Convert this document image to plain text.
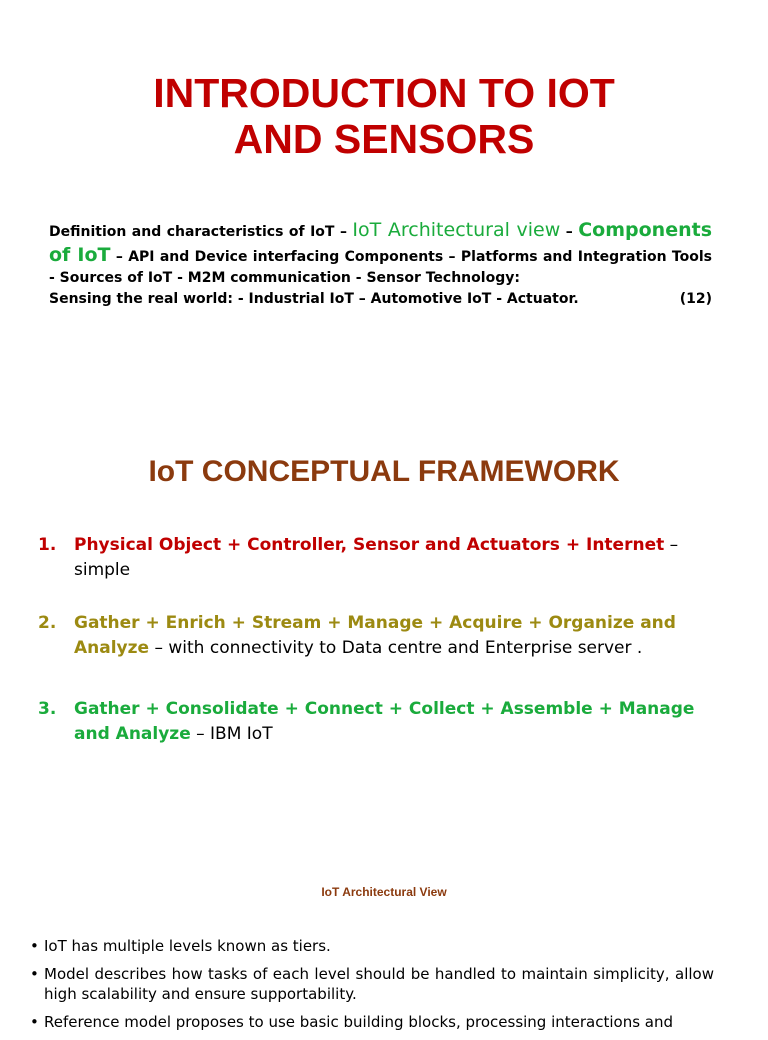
INTRODUCTION TO IOT
AND SENSORS
Definition and characteristics of IoT – IoT Architectural view – Components of IoT – API and Device interfacing Components – Platforms and Integration Tools - Sources of IoT - M2M communication - Sensor Technology:
Sensing the real world: - Industrial IoT – Automotive IoT - Actuator.	(12)
IoT CONCEPTUAL FRAMEWORK
1.	Physical Object + Controller, Sensor and Actuators + Internet – simple
2.	Gather + Enrich + Stream + Manage + Acquire + Organize and Analyze – with connectivity to Data centre and Enterprise server .
3.	Gather + Consolidate + Connect + Collect + Assemble + Manage and Analyze – IBM IoT
IoT Architectural View
• IoT has multiple levels known as tiers.
• Model describes how tasks of each level should be handled to maintain simplicity, allow high scalability and ensure supportability.
• Reference model proposes to use basic building blocks, processing interactions and
